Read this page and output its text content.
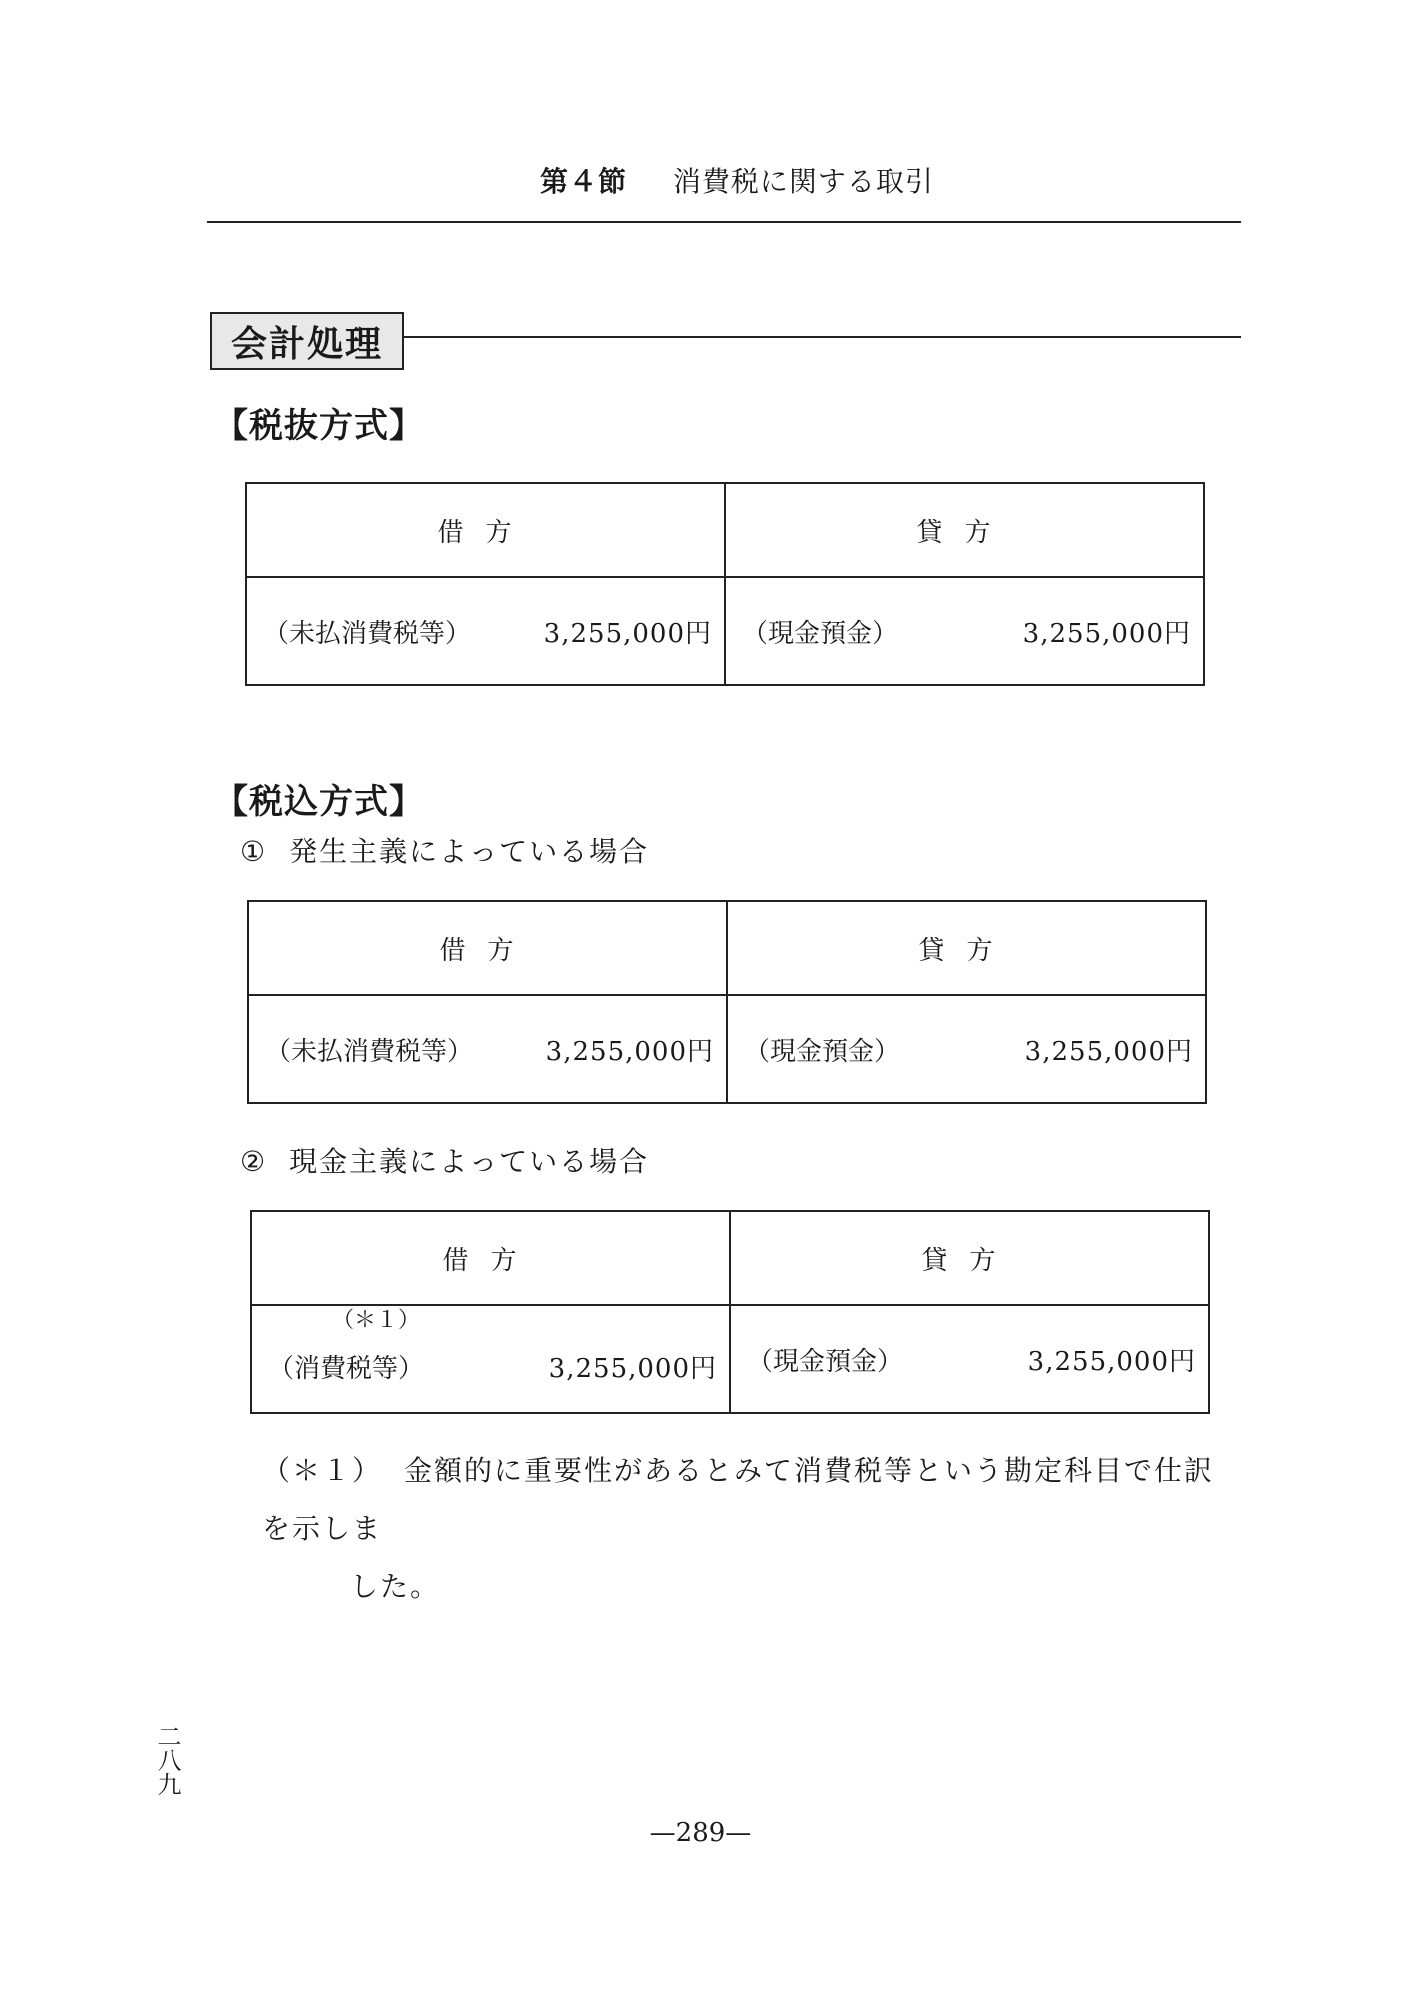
第４節 消費税に関する取引
会計処理
【税抜方式】
借方	貸方

（未払消費税等） 3,255,000円	（現金預金） 3,255,000円
【税込方式】
① 発生主義によっている場合
借方	貸方

（未払消費税等） 3,255,000円	（現金預金） 3,255,000円
② 現金主義によっている場合
借方	貸方

（＊１）
（消費税等） 3,255,000円	（現金預金） 3,255,000円
（＊１） 金額的に重要性があるとみて消費税等という勘定科目で仕訳を示しま
した。
二八九
—289—
